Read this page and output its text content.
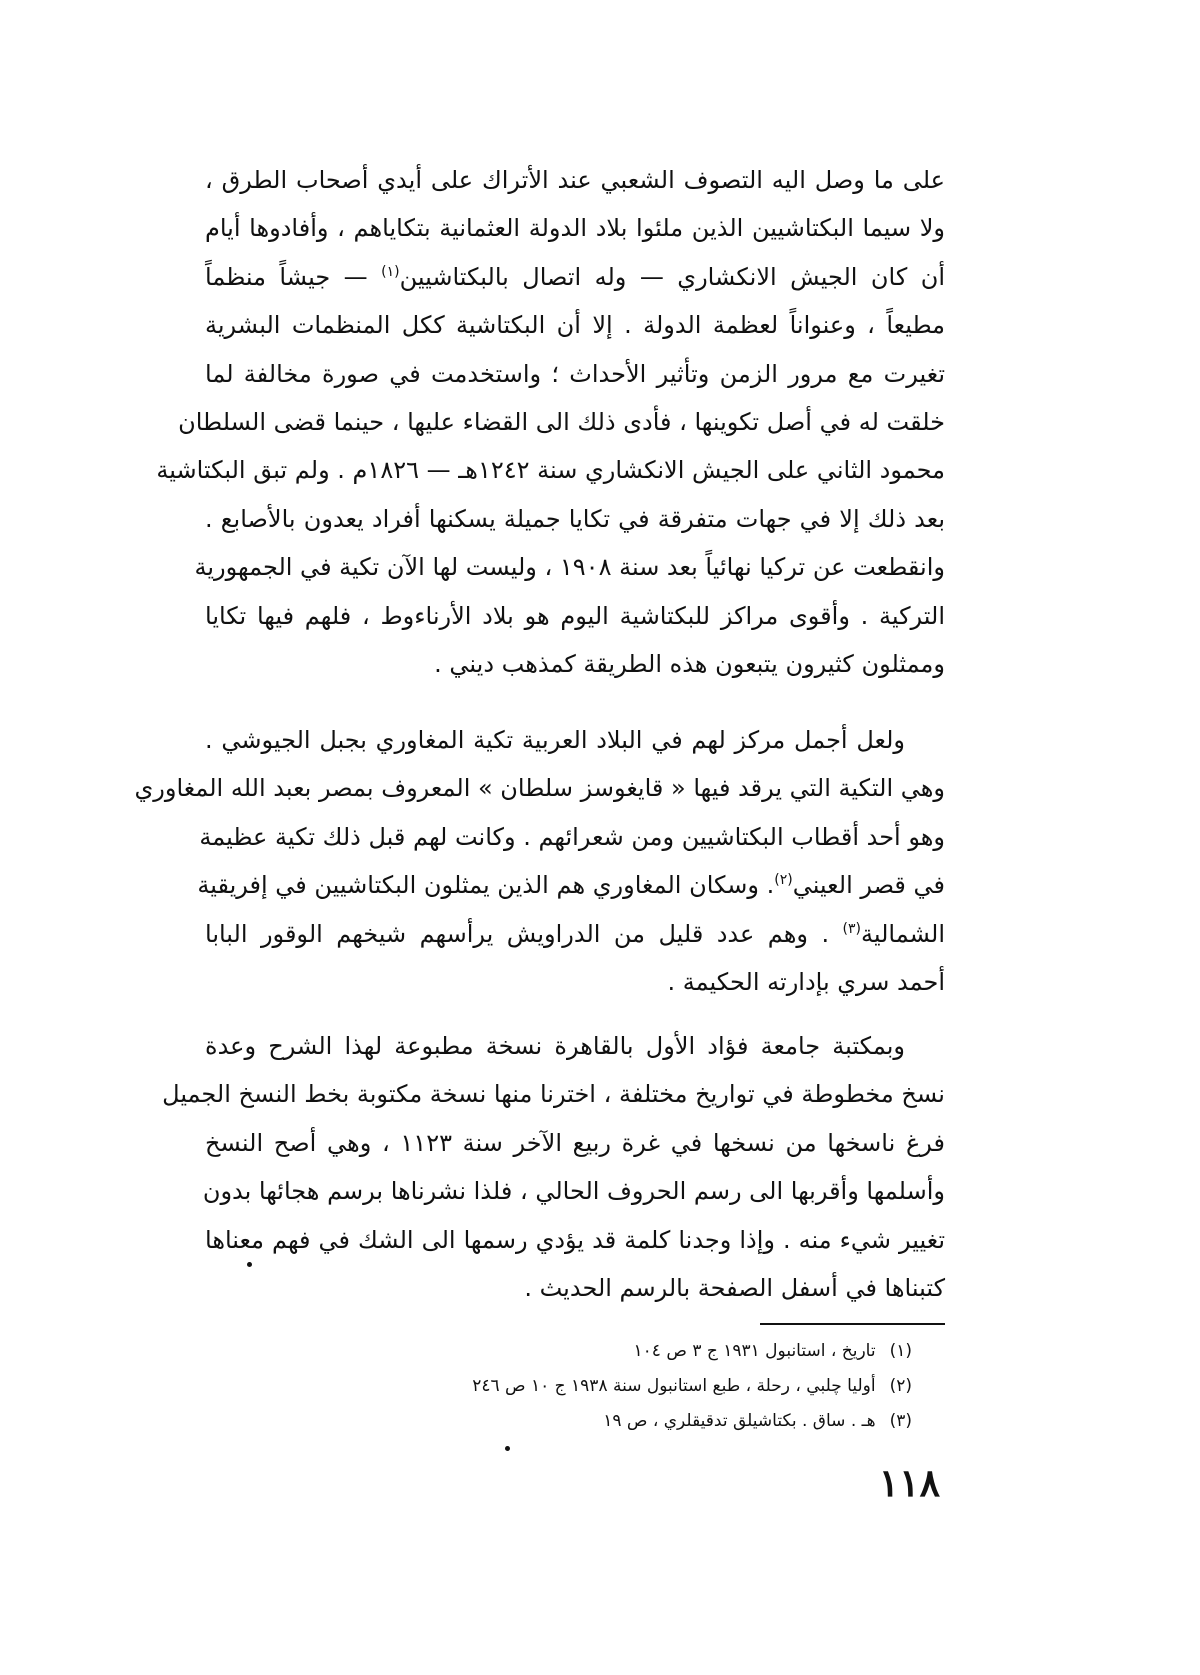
على ما وصل اليه التصوف الشعبي عند الأتراك على أيدي أصحاب الطرق ،
ولا سيما البكتاشيين الذين ملئوا بلاد الدولة العثمانية بتكاياهم ، وأفادوها أيام
أن كان الجيش الانكشاري — وله اتصال بالبكتاشيين$^{(١)}$ — جيشاً منظماً
مطيعاً ، وعنواناً لعظمة الدولة . إلا أن البكتاشية ككل المنظمات البشرية
تغيرت مع مرور الزمن وتأثير الأحداث ؛ واستخدمت في صورة مخالفة لما
خلقت له في أصل تكوينها ، فأدى ذلك الى القضاء عليها ، حينما قضى السلطان
محمود الثاني على الجيش الانكشاري سنة ١٢٤٢هـ — ١٨٢٦م . ولم تبق البكتاشية
بعد ذلك إلا في جهات متفرقة في تكايا جميلة يسكنها أفراد يعدون بالأصابع .
وانقطعت عن تركيا نهائياً بعد سنة ١٩٠٨ ، وليست لها الآن تكية في الجمهورية
التركية . وأقوى مراكز للبكتاشية اليوم هو بلاد الأرناءوط ، فلهم فيها تكايا
وممثلون كثيرون يتبعون هذه الطريقة كمذهب ديني .
ولعل أجمل مركز لهم في البلاد العربية تكية المغاوري بجبل الجيوشي .
وهي التكية التي يرقد فيها « قايغوسز سلطان » المعروف بمصر بعبد الله المغاوري
وهو أحد أقطاب البكتاشيين ومن شعرائهم . وكانت لهم قبل ذلك تكية عظيمة
في قصر العيني$^{(٢)}$. وسكان المغاوري هم الذين يمثلون البكتاشيين في إفريقية
الشمالية$^{(٣)}$ . وهم عدد قليل من الدراويش يرأسهم شيخهم الوقور البابا
أحمد سري بإدارته الحكيمة .
وبمكتبة جامعة فؤاد الأول بالقاهرة نسخة مطبوعة لهذا الشرح وعدة
نسخ مخطوطة في تواريخ مختلفة ، اخترنا منها نسخة مكتوبة بخط النسخ الجميل
فرغ ناسخها من نسخها في غرة ربيع الآخر سنة ١١٢٣ ، وهي أصح النسخ
وأسلمها وأقربها الى رسم الحروف الحالي ، فلذا نشرناها برسم هجائها بدون
تغيير شيء منه . وإذا وجدنا كلمة قد يؤدي رسمها الى الشك في فهم معناها
كتبناها في أسفل الصفحة بالرسم الحديث .
(١)تاريخ ، استانبول ١٩٣١ ج ٣ ص ١٠٤
(٢)أوليا چلبي ، رحلة ، طبع استانبول سنة ١٩٣٨ ج ١٠ ص ٢٤٦
(٣)هـ . ساق . بكتاشيلق تدقيقلري ، ص ١٩
١١٨
